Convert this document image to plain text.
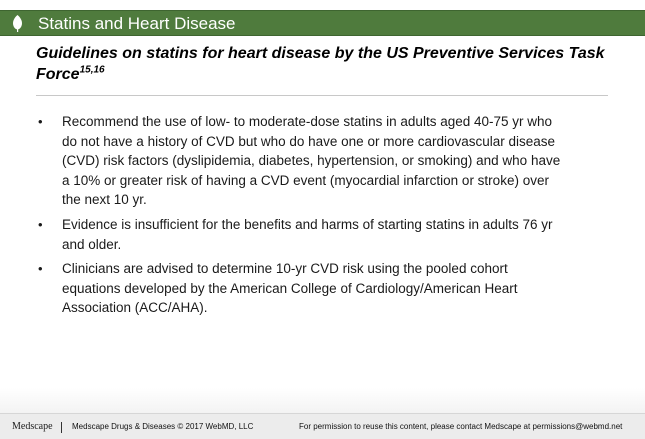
Statins and Heart Disease
Guidelines on statins for heart disease by the US Preventive Services Task Force$^{15,16}$
• Recommend the use of low- to moderate-dose statins in adults aged 40-75 yr who do not have a history of CVD but who do have one or more cardiovascular disease (CVD) risk factors (dyslipidemia, diabetes, hypertension, or smoking) and who have a 10% or greater risk of having a CVD event (myocardial infarction or stroke) over the next 10 yr.
• Evidence is insufficient for the benefits and harms of starting statins in adults 76 yr and older.
• Clinicians are advised to determine 10-yr CVD risk using the pooled cohort equations developed by the American College of Cardiology/American Heart Association (ACC/AHA).
Medscape Medscape Drugs & Diseases © 2017 WebMD, LLC	For permission to reuse this content, please contact Medscape at permissions@webmd.net
